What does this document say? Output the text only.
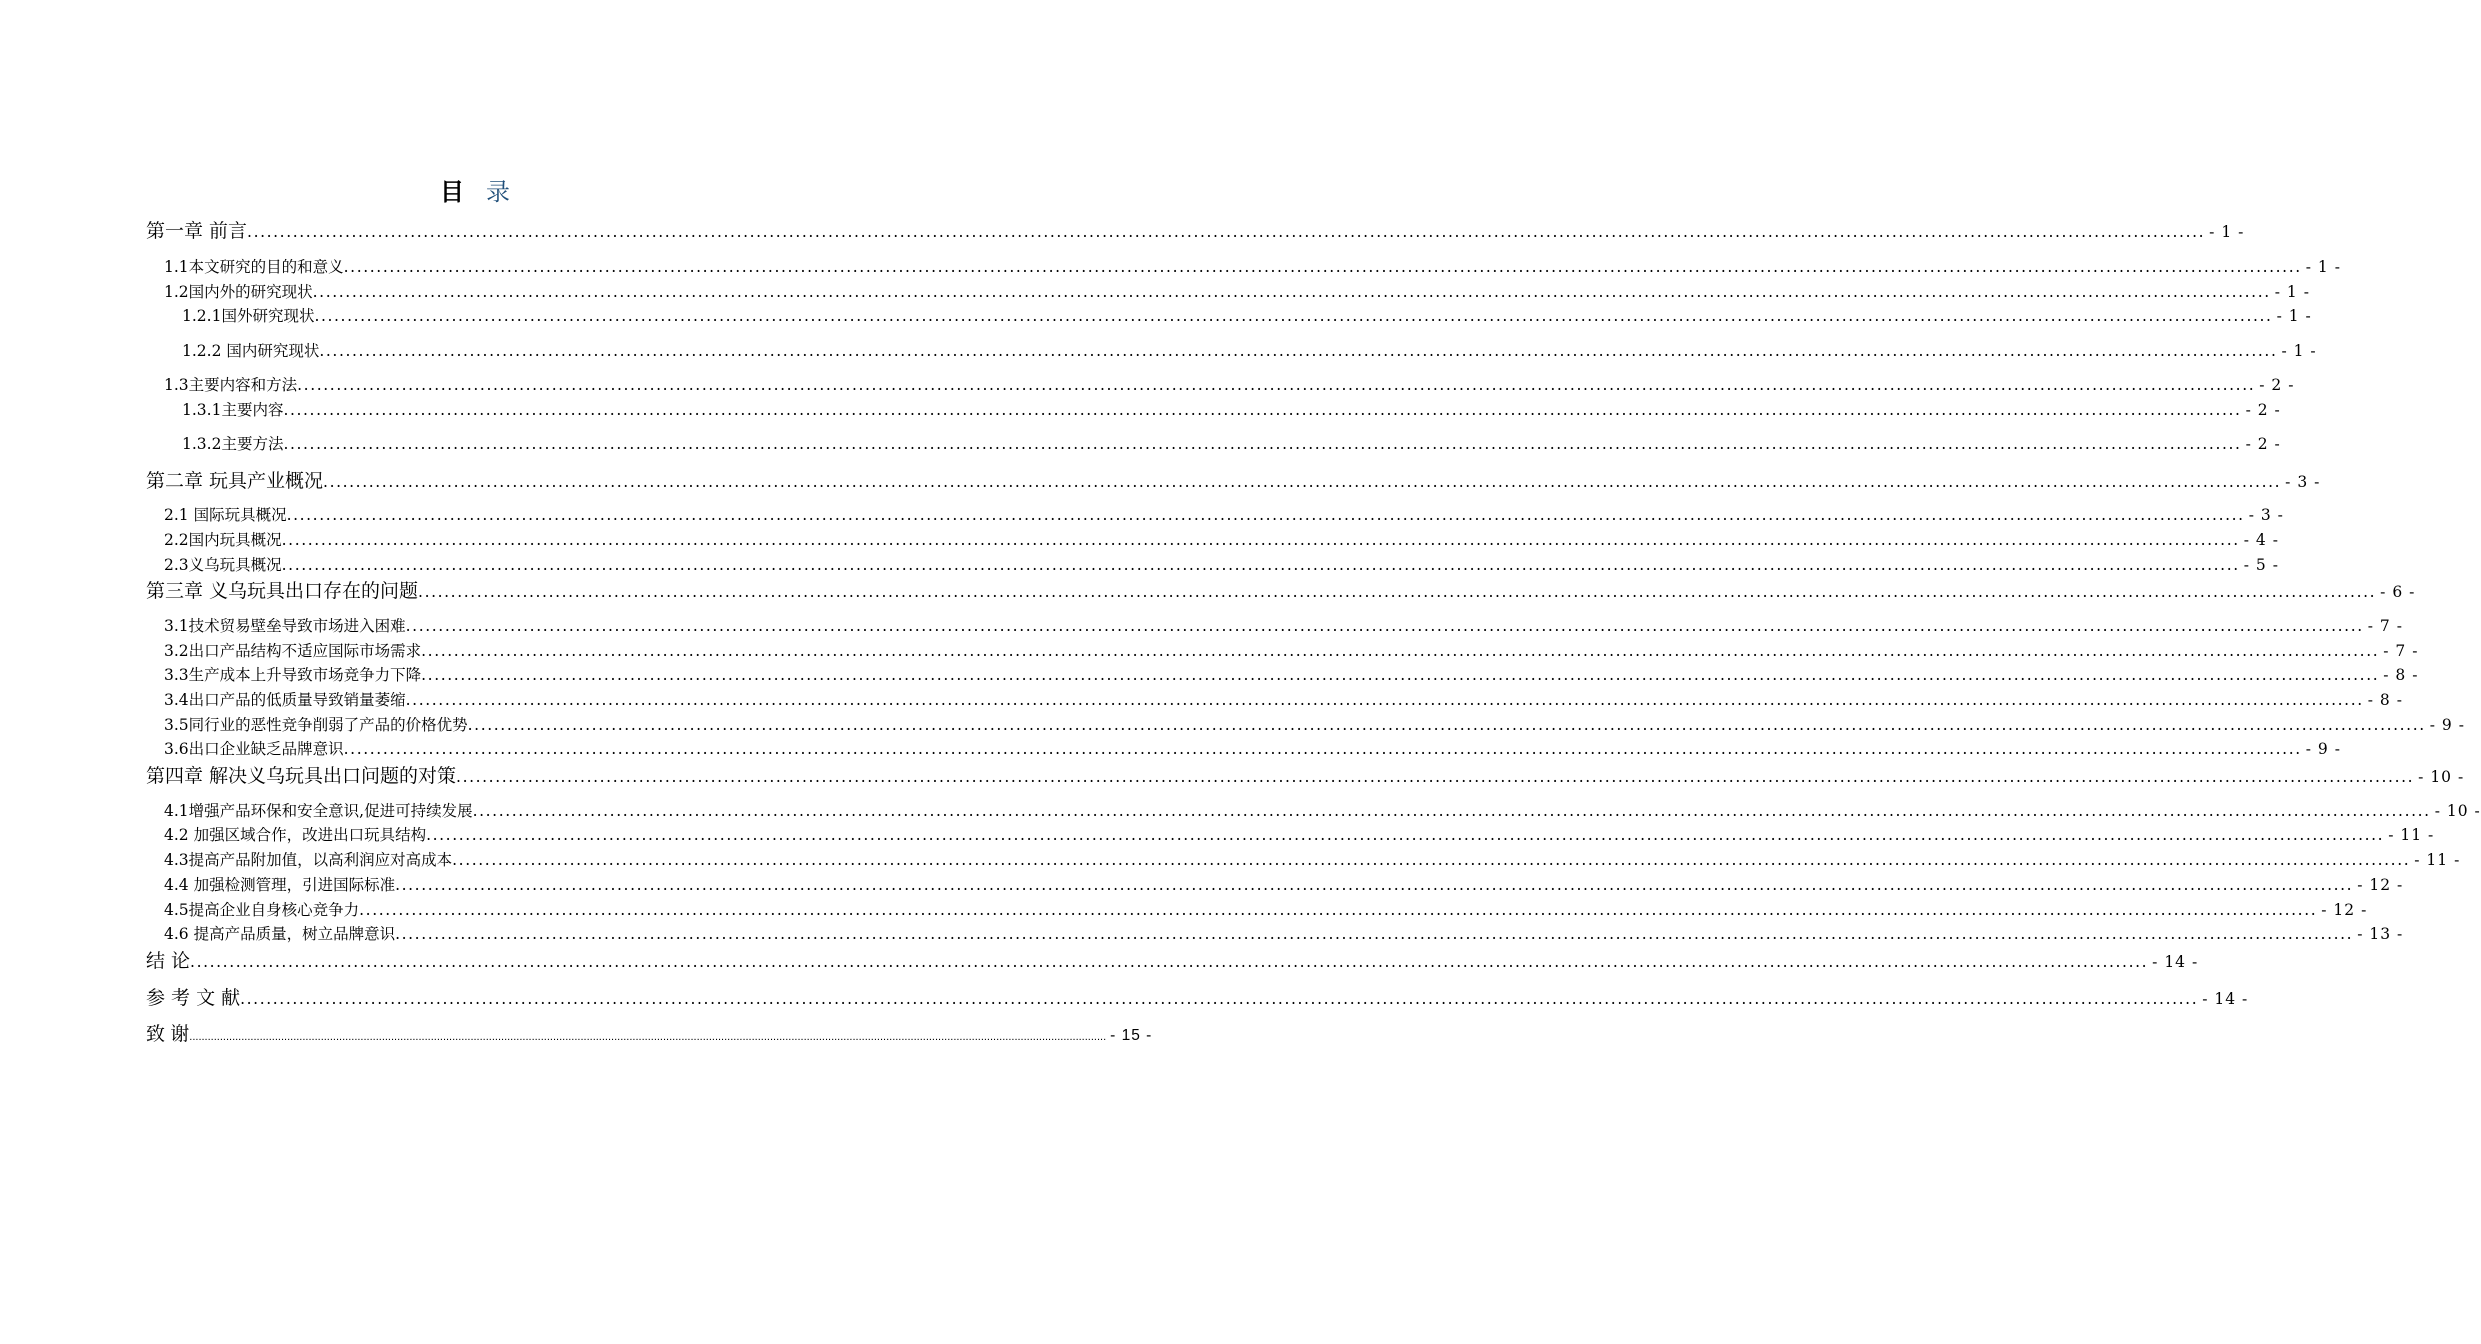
目 录
第一章 前言 ............................................................................................................................................................................................................................................................................................................ - 1 -
1.1本文研究的目的和意义 ............................................................................................................................................................................................................................................................................................................ - 1 -
1.2国内外的研究现状 ............................................................................................................................................................................................................................................................................................................ - 1 -
1.2.1国外研究现状 ............................................................................................................................................................................................................................................................................................................ - 1 -
1.2.2 国内研究现状 ............................................................................................................................................................................................................................................................................................................ - 1 -
1.3主要内容和方法 ............................................................................................................................................................................................................................................................................................................ - 2 -
1.3.1主要内容 ............................................................................................................................................................................................................................................................................................................ - 2 -
1.3.2主要方法 ............................................................................................................................................................................................................................................................................................................ - 2 -
第二章 玩具产业概况 ............................................................................................................................................................................................................................................................................................................ - 3 -
2.1 国际玩具概况 ............................................................................................................................................................................................................................................................................................................ - 3 -
2.2国内玩具概况 ............................................................................................................................................................................................................................................................................................................ - 4 -
2.3义乌玩具概况 ............................................................................................................................................................................................................................................................................................................ - 5 -
第三章 义乌玩具出口存在的问题 ............................................................................................................................................................................................................................................................................................................ - 6 -
3.1技术贸易壁垒导致市场进入困难 ............................................................................................................................................................................................................................................................................................................ - 7 -
3.2出口产品结构不适应国际市场需求 ............................................................................................................................................................................................................................................................................................................ - 7 -
3.3生产成本上升导致市场竞争力下降 ............................................................................................................................................................................................................................................................................................................ - 8 -
3.4出口产品的低质量导致销量萎缩 ............................................................................................................................................................................................................................................................................................................ - 8 -
3.5同行业的恶性竞争削弱了产品的价格优势 ............................................................................................................................................................................................................................................................................................................ - 9 -
3.6出口企业缺乏品牌意识 ............................................................................................................................................................................................................................................................................................................ - 9 -
第四章 解决义乌玩具出口问题的对策 ............................................................................................................................................................................................................................................................................................................ - 10 -
4.1增强产品环保和安全意识,促进可持续发展 ............................................................................................................................................................................................................................................................................................................ - 10 -
4.2 加强区域合作，改进出口玩具结构 ............................................................................................................................................................................................................................................................................................................ - 11 -
4.3提高产品附加值，以高利润应对高成本 ............................................................................................................................................................................................................................................................................................................ - 11 -
4.4 加强检测管理，引进国际标准 ............................................................................................................................................................................................................................................................................................................ - 12 -
4.5提高企业自身核心竞争力 ............................................................................................................................................................................................................................................................................................................ - 12 -
4.6 提高产品质量，树立品牌意识 ............................................................................................................................................................................................................................................................................................................ - 13 -
结 论 ............................................................................................................................................................................................................................................................................................................ - 14 -
参 考 文 献 ............................................................................................................................................................................................................................................................................................................ - 14 -
致 谢 ............................................................................................................................................................................................................................................................................................................ - 15 -
